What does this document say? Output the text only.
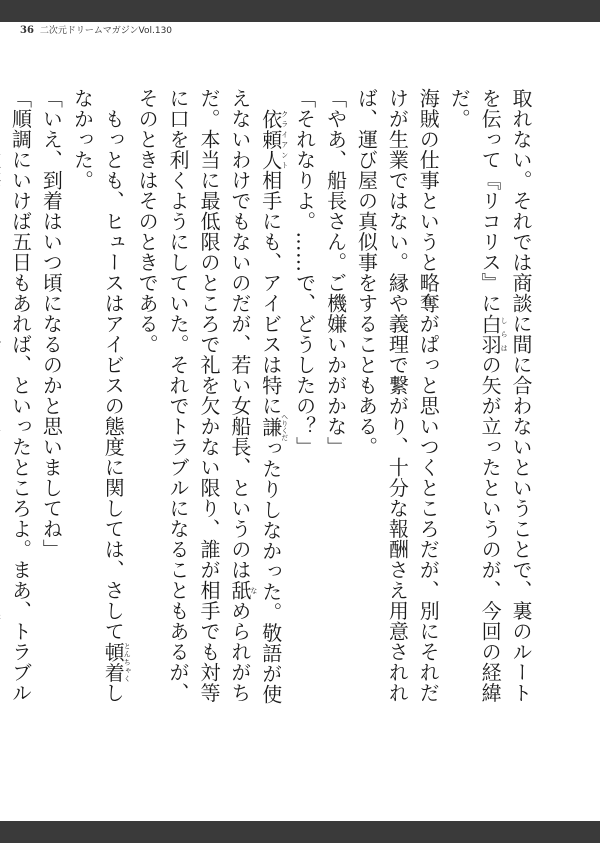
36 二次元ドリームマガジンVol.130

取れない。それでは商談に間に合わないということで、裏のルートを伝って『リコリス』に白羽しらはの矢が立ったというのが、今回の経緯だ。

海賊の仕事というと略奪がぱっと思いつくところだが、別にそれだけが生業ではない。縁や義理で繋がり、十分な報酬さえ用意されれば、運び屋の真似事をすることもある。

「やあ、船長さん。ご機嫌いかがかな」

「それなりよ。……で、どうしたの？」

　依頼人クライアント相手にも、アイビスは特に謙へりくだったりしなかった。敬語が使えないわけでもないのだが、若い女船長、というのは舐なめられがちだ。本当に最低限のところで礼を欠かない限り、誰が相手でも対等に口を利くようにしていた。それでトラブルになることもあるが、そのときはそのときである。

　もっとも、ヒュースはアイビスの態度に関しては、さして頓着とんちゃくしなかった。

「いえ、到着はいつ頃になるのかと思いましてね」

「順調にいけば五日もあれば、といったところよ。まあ、トラブル
